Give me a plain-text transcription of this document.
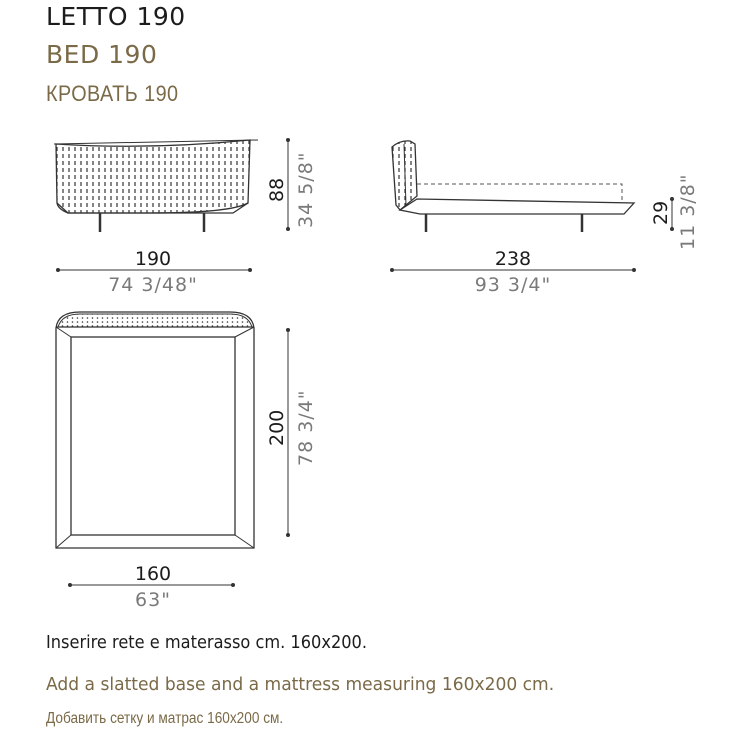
LETTO 190
BED 190
КРОВАТЬ 190
88 34 5/8"
190
74 3/48"
29 11 3/8"
238
93 3/4"
200 78 3/4"
160
63"
Inserire rete e materasso cm. 160x200.
Add a slatted base and a mattress measuring 160x200 cm.
Добавить сетку и матрас 160x200 см.
